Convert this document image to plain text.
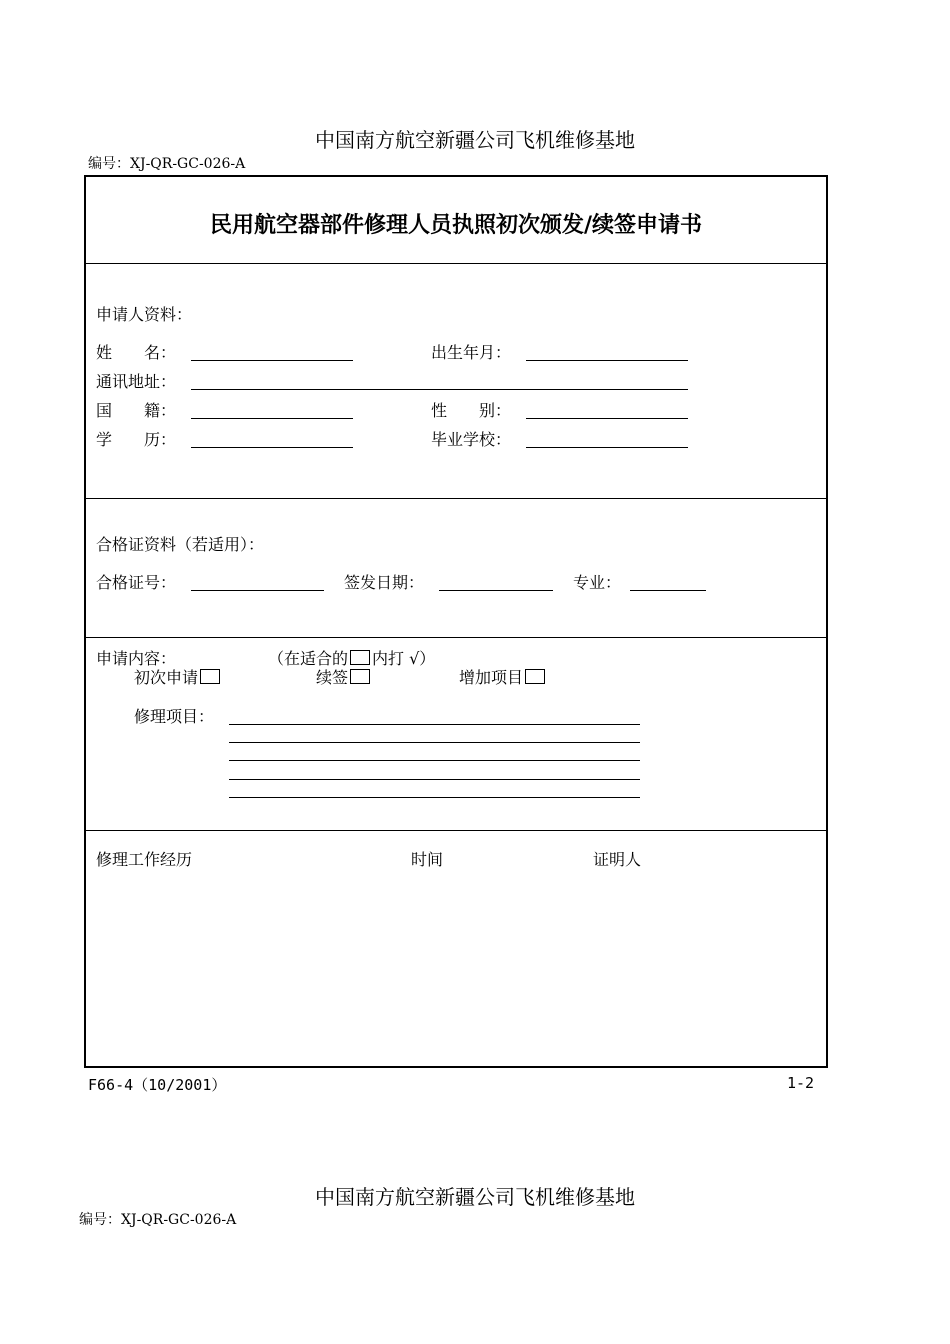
中国南方航空新疆公司飞机维修基地
编号：XJ-QR-GC-026-A
民用航空器部件修理人员执照初次颁发/续签申请书
申请人资料：
姓　　名：	出生年月：
通讯地址：
国　　籍：	性　　别：
学　　历：	毕业学校：
合格证资料（若适用）：
合格证号：	签发日期：	专业：
申请内容：	（在适合的 内打 √）
初次申请	续签	增加项目
修理项目：
修理工作经历	时间	证明人
F66-4（10/2001）	1-2
中国南方航空新疆公司飞机维修基地
编号：XJ-QR-GC-026-A
